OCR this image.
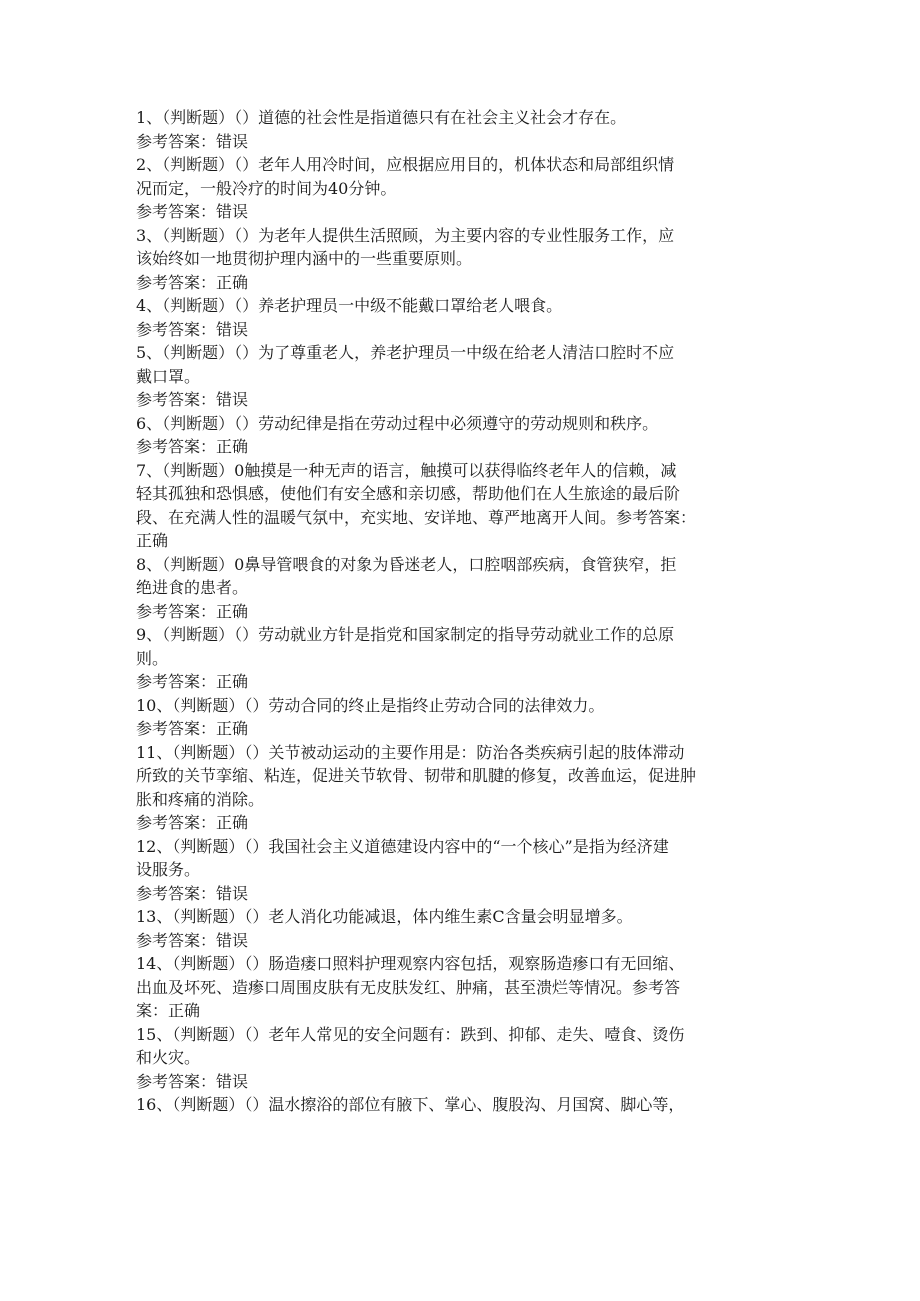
1、（判断题）（）道德的社会性是指道德只有在社会主义社会才存在。
参考答案：错误
2、（判断题）（）老年人用冷时间，应根据应用目的，机体状态和局部组织情
况而定，一般冷疗的时间为40分钟。
参考答案：错误
3、（判断题）（）为老年人提供生活照顾，为主要内容的专业性服务工作，应
该始终如一地贯彻护理内涵中的一些重要原则。
参考答案：正确
4、（判断题）（）养老护理员一中级不能戴口罩给老人喂食。
参考答案：错误
5、（判断题）（）为了尊重老人，养老护理员一中级在给老人清洁口腔时不应
戴口罩。
参考答案：错误
6、（判断题）（）劳动纪律是指在劳动过程中必须遵守的劳动规则和秩序。
参考答案：正确
7、（判断题）0触摸是一种无声的语言，触摸可以获得临终老年人的信赖，减
轻其孤独和恐惧感，使他们有安全感和亲切感，帮助他们在人生旅途的最后阶
段、在充满人性的温暖气氛中，充实地、安详地、尊严地离开人间。参考答案：
正确
8、（判断题）0鼻导管喂食的对象为昏迷老人，口腔咽部疾病，食管狭窄，拒
绝进食的患者。
参考答案：正确
9、（判断题）（）劳动就业方针是指党和国家制定的指导劳动就业工作的总原
则。
参考答案：正确
10、（判断题）（）劳动合同的终止是指终止劳动合同的法律效力。
参考答案：正确
11、（判断题）（）关节被动运动的主要作用是：防治各类疾病引起的肢体滞动
所致的关节挛缩、粘连，促进关节软骨、韧带和肌腱的修复，改善血运，促进肿
胀和疼痛的消除。
参考答案：正确
12、（判断题）（）我国社会主义道德建设内容中的“一个核心”是指为经济建
设服务。
参考答案：错误
13、（判断题）（）老人消化功能减退，体内维生素C含量会明显增多。
参考答案：错误
14、（判断题）（）肠造瘘口照料护理观察内容包括，观察肠造瘆口有无回缩、
出血及坏死、造瘆口周围皮肤有无皮肤发红、肿痛，甚至溃烂等情况。参考答
案：正确
15、（判断题）（）老年人常见的安全问题有：跌到、抑郁、走失、噎食、烫伤
和火灾。
参考答案：错误
16、（判断题）（）温水擦浴的部位有腋下、掌心、腹股沟、月国窝、脚心等，
